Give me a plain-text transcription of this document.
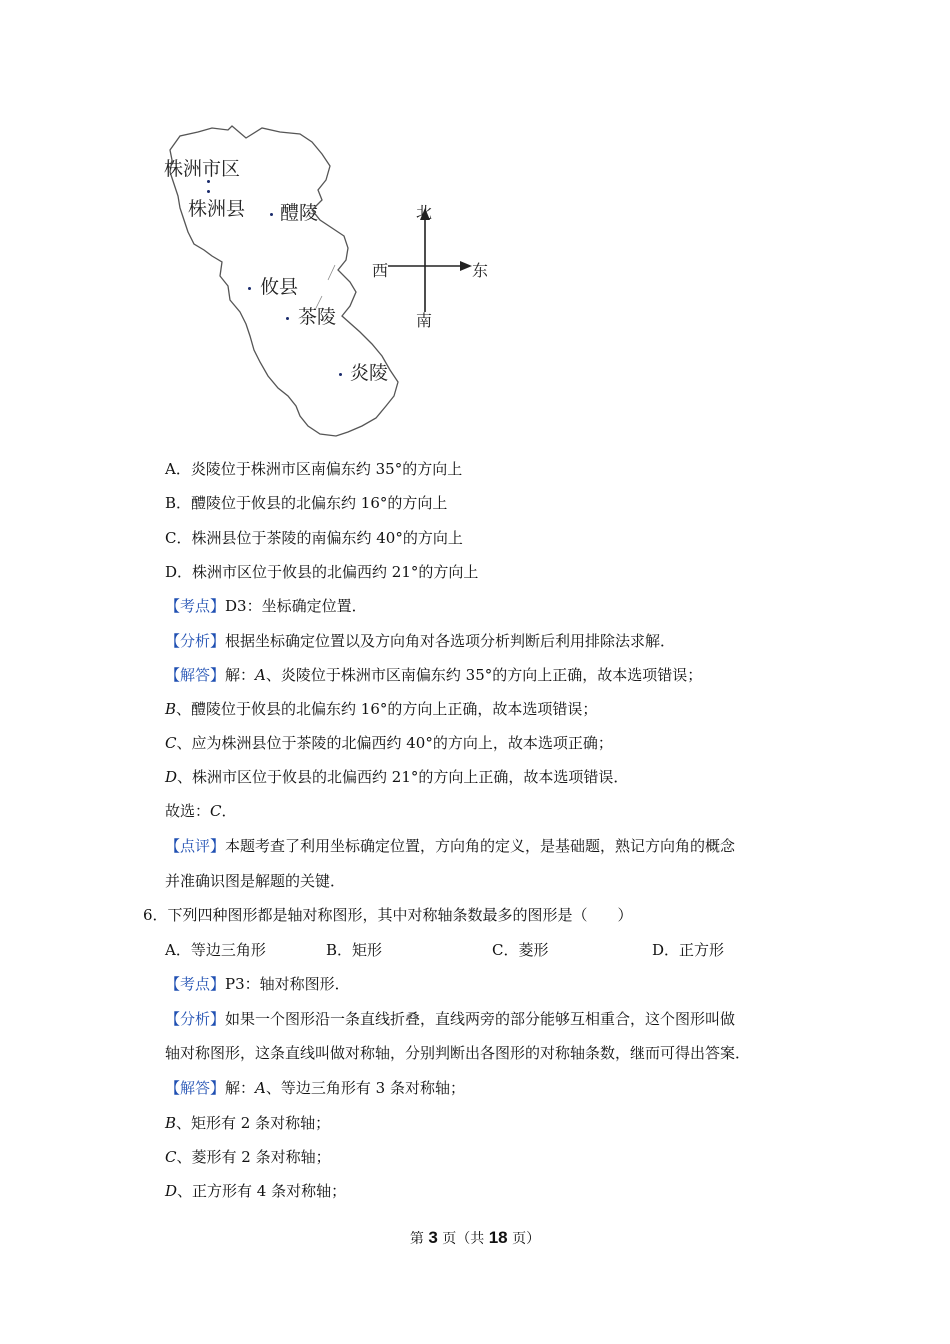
株洲市区
株洲县 醴陵
攸县
茶陵
炎陵
北
南
西	东
A．炎陵位于株洲市区南偏东约 35°的方向上
B．醴陵位于攸县的北偏东约 16°的方向上
C．株洲县位于茶陵的南偏东约 40°的方向上
D．株洲市区位于攸县的北偏西约 21°的方向上
【考点】D3：坐标确定位置．
【分析】根据坐标确定位置以及方向角对各选项分析判断后利用排除法求解．
【解答】解：A、炎陵位于株洲市区南偏东约 35°的方向上正确，故本选项错误；
B、醴陵位于攸县的北偏东约 16°的方向上正确，故本选项错误；
C、应为株洲县位于茶陵的北偏西约 40°的方向上，故本选项正确；
D、株洲市区位于攸县的北偏西约 21°的方向上正确，故本选项错误．
故选：C．
【点评】本题考查了利用坐标确定位置，方向角的定义，是基础题，熟记方向角的概念
并准确识图是解题的关键．
6．下列四种图形都是轴对称图形，其中对称轴条数最多的图形是（　　）
A．等边三角形	B．矩形	C．菱形	D．正方形
【考点】P3：轴对称图形．
【分析】如果一个图形沿一条直线折叠，直线两旁的部分能够互相重合，这个图形叫做
轴对称图形，这条直线叫做对称轴，分别判断出各图形的对称轴条数，继而可得出答案．
【解答】解：A、等边三角形有 3 条对称轴；
B、矩形有 2 条对称轴；
C、菱形有 2 条对称轴；
D、正方形有 4 条对称轴；
第 3 页（共 18 页）
